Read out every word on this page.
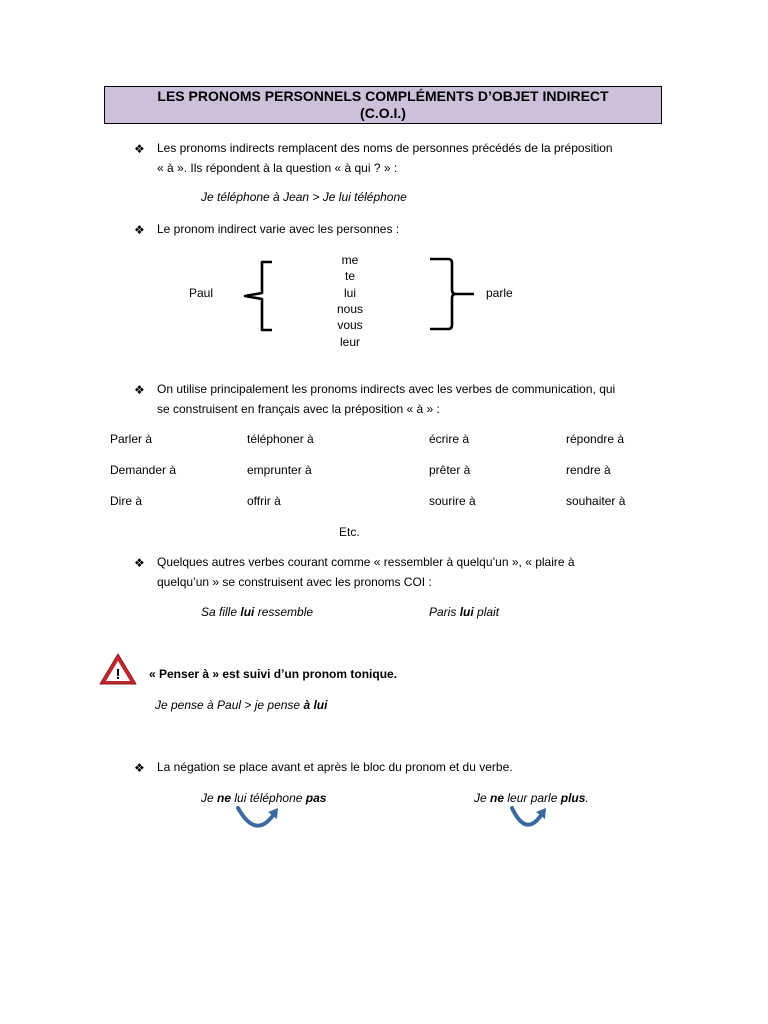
LES PRONOMS PERSONNELS COMPLÉMENTS D’OBJET INDIRECT
(C.O.I.)
❖ Les pronoms indirects remplacent des noms de personnes précédés de la préposition
« à ». Ils répondent à la question « à qui ? » :
Je téléphone à Jean > Je lui téléphone
❖ Le pronom indirect varie avec les personnes :
Paul	parle
me
te
lui
nous
vous
leur
❖ On utilise principalement les pronoms indirects avec les verbes de communication, qui
se construisent en français avec la préposition « à » :
Parler à	téléphoner à	écrire à	répondre à
Demander à	emprunter à	prêter à	rendre à
Dire à	offrir à	sourire à	souhaiter à
Etc.
❖ Quelques autres verbes courant comme « ressembler à quelqu’un », « plaire à
quelqu’un » se construisent avec les pronoms COI :
Sa fille lui ressemble	Paris lui plait
! « Penser à » est suivi d’un pronom tonique.
Je pense à Paul > je pense à lui
❖ La négation se place avant et après le bloc du pronom et du verbe.
Je ne lui téléphone pas	Je ne leur parle plus.
